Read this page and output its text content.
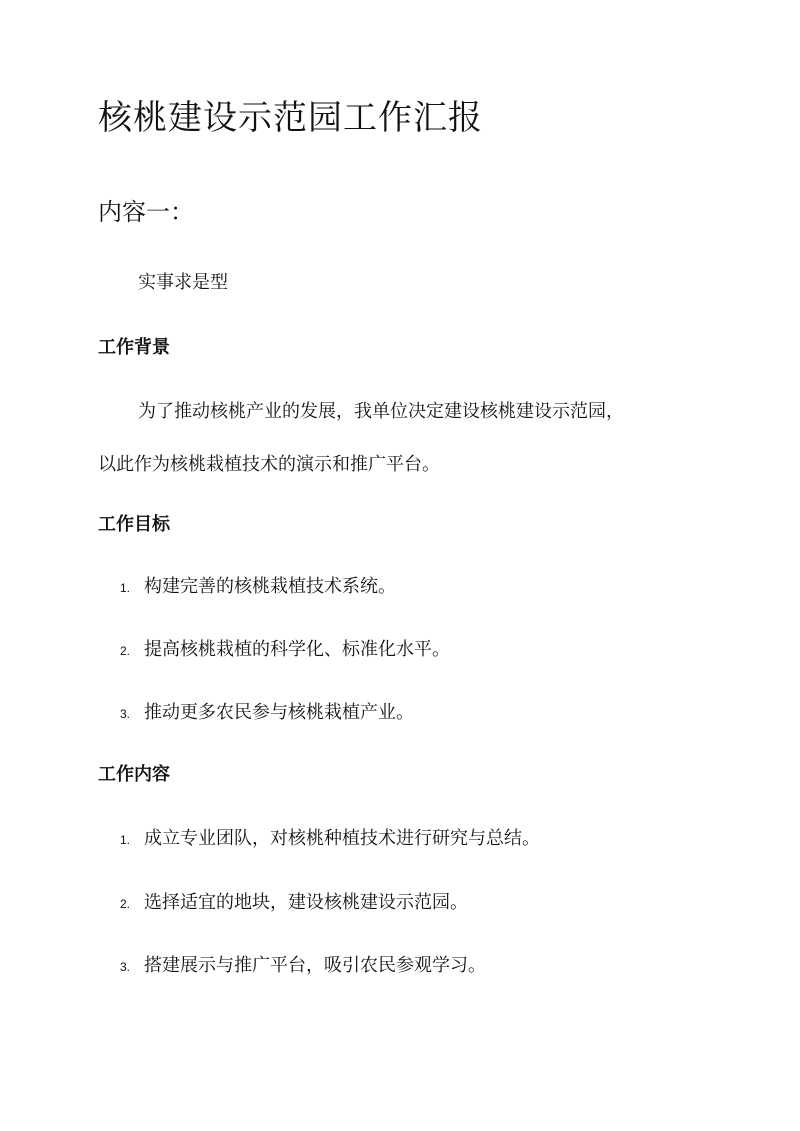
核桃建设示范园工作汇报
内容一：

实事求是型

工作背景
为了推动核桃产业的发展，我单位决定建设核桃建设示范园，
以此作为核桃栽植技术的演示和推广平台。
工作目标
1. 构建完善的核桃栽植技术系统。
2. 提高核桃栽植的科学化、标准化水平。
3. 推动更多农民参与核桃栽植产业。
工作内容
1. 成立专业团队，对核桃种植技术进行研究与总结。
2. 选择适宜的地块，建设核桃建设示范园。
3. 搭建展示与推广平台，吸引农民参观学习。
